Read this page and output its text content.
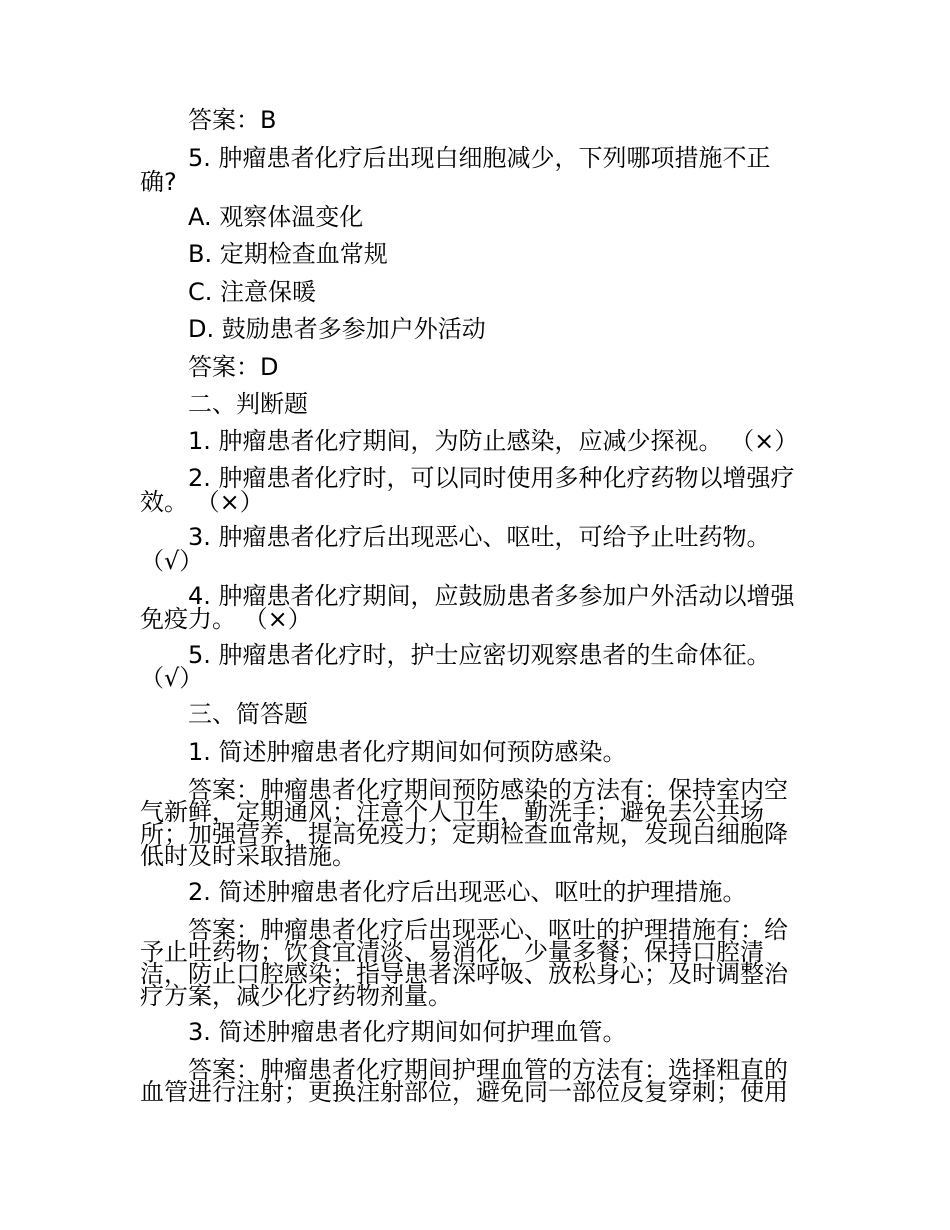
答案：B

5. 肿瘤患者化疗后出现白细胞减少，下列哪项措施不正

确?

A. 观察体温变化

B. 定期检查血常规

C. 注意保暖

D. 鼓励患者多参加户外活动

答案：D

二、判断题

1. 肿瘤患者化疗期间，为防止感染，应减少探视。 （×）

2. 肿瘤患者化疗时，可以同时使用多种化疗药物以增强疗

效。 （×）

3. 肿瘤患者化疗后出现恶心、呕吐，可给予止吐药物。

（√）

4. 肿瘤患者化疗期间，应鼓励患者多参加户外活动以增强

免疫力。 （×）

5. 肿瘤患者化疗时，护士应密切观察患者的生命体征。

（√）

三、简答题

1. 简述肿瘤患者化疗期间如何预防感染。

答案：肿瘤患者化疗期间预防感染的方法有：保持室内空

气新鲜，定期通风；注意个人卫生，勤洗手；避免去公共场

所；加强营养，提高免疫力；定期检查血常规，发现白细胞降

低时及时采取措施。

2. 简述肿瘤患者化疗后出现恶心、呕吐的护理措施。

答案：肿瘤患者化疗后出现恶心、呕吐的护理措施有：给

予止吐药物；饮食宜清淡、易消化，少量多餐；保持口腔清

洁，防止口腔感染；指导患者深呼吸、放松身心；及时调整治

疗方案，减少化疗药物剂量。

3. 简述肿瘤患者化疗期间如何护理血管。

答案：肿瘤患者化疗期间护理血管的方法有：选择粗直的

血管进行注射；更换注射部位，避免同一部位反复穿刺；使用
